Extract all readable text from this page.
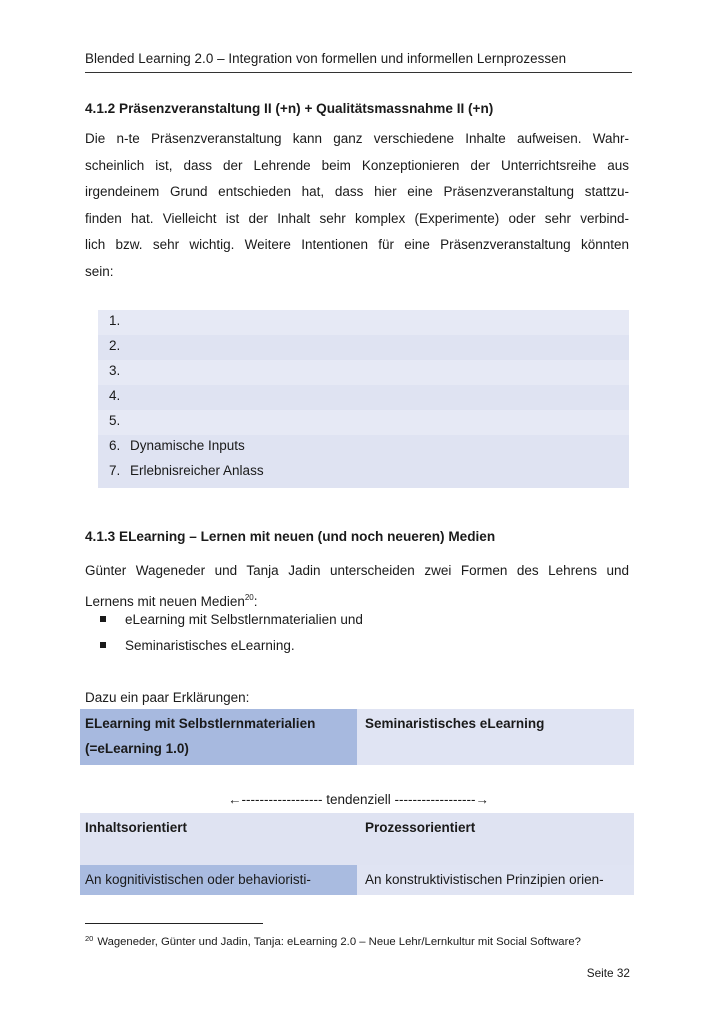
Blended Learning 2.0 – Integration von formellen und informellen Lernprozessen
4.1.2 Präsenzveranstaltung II (+n) + Qualitätsmassnahme II (+n)
Die n-te Präsenzveranstaltung kann ganz verschiedene Inhalte aufweisen. Wahr-
scheinlich ist, dass der Lehrende beim Konzeptionieren der Unterrichtsreihe aus
irgendeinem Grund entschieden hat, dass hier eine Präsenzveranstaltung stattzu-
finden hat. Vielleicht ist der Inhalt sehr komplex (Experimente) oder sehr verbind-
lich bzw. sehr wichtig. Weitere Intentionen für eine Präsenzveranstaltung könnten
sein:
1.
2.
3.
4.
5.
6. Dynamische Inputs
7. Erlebnisreicher Anlass
4.1.3 ELearning – Lernen mit neuen (und noch neueren) Medien
Günter Wageneder und Tanja Jadin unterscheiden zwei Formen des Lehrens und
Lernens mit neuen Medien$^{20}$:
eLearning mit Selbstlernmaterialien und
Seminaristisches eLearning.
Dazu ein paar Erklärungen:
ELearning mit Selbstlernmaterialien
(=eLearning 1.0)
Seminaristisches eLearning
←------------------ tendenziell ------------------→
Inhaltsorientiert	Prozessorientiert
An kognitivistischen oder behavioristi-	An konstruktivistischen Prinzipien orien-
$^{20}$ Wageneder, Günter und Jadin, Tanja: eLearning 2.0 – Neue Lehr/Lernkultur mit Social Software?
Seite 32
